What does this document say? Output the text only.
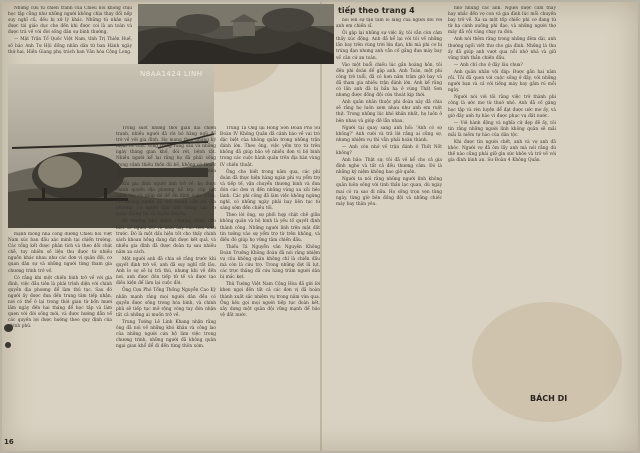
Những cựu tù chiến tranh của Chiêu hồi không chịu học tập cũng như những người không chịu thay đổi nếp suy nghĩ cũ, đều bị xử lý khác. Những tù nhân này được tái giáo dục cho đến khi được coi là an toàn và được trả về với đời sống dân sự bình thường.

— Mặt Trận Tổ Quốc Việt Nam, tỉnh Trị Thiên Huế, số báo Anh Tư Hội đồng nhân dân từ ban Hành ngày thứ hai, Hiền Giang phụ trách ban Văn hóa Cộng Long.

N8AA1424 LINH

mạnh mồng nhà công đường Chiêu hồi Việt Nam xúc ban đầu xác minh tại chiến trường. Các tổng kết được phân tích và theo dõi chặt chẽ, tuy nhiên số liệu thu được từ nhiều nguồn khác nhau như các đơn vị quân đội, cơ quan dân sự và những người từng tham gia chương trình trở về.

Có rằng khi một chiến binh trở về với gia đình, việc đầu tiên là phải trình diện với chính quyền địa phương để làm thủ tục. Sau đó người ấy được đưa đến trung tâm tiếp nhận, nơi có thể ở lại trong thời gian từ bốn mươi lăm ngày đến hai tháng để học tập và làm quen với đời sống mới, và được hướng dẫn về các quyền lợi được hưởng theo quy định của chính phủ.

Trong suốt những thời gian dài chiến tranh, nhiều người đã rời bỏ hàng ngũ để trở về với gia đình. Họ mang theo những kỷ niệm về cuộc sống trong rừng sâu và những ngày tháng gian khổ, đói rét, bệnh tật. Nhiều người kể lại rằng họ đã phải sống trong cảnh thiếu thốn đủ bề, không có thuốc men và lương thực đầy đủ cho suốt cả mùa mưa.

Khi gia đình người lính trở về, họ được chính quyền địa phương hỗ trợ, cấp đất canh tác và giúp đỡ để ổn định cuộc sống. Có những người đã trở thành cán bộ địa phương, có người làm việc trong các cơ quan thông tin và tuyên truyền.

Bộ trưởng phụ trách chương trình cho biết số người trở về năm nay cao hơn năm trước. Đó là một dấu hiệu tốt cho thấy chính sách khoan hồng đang đạt được kết quả, và nhiều gia đình đã được đoàn tụ sau nhiều năm xa cách.

Một người anh đã chia sẻ rằng trước khi quyết định trở về, anh đã suy nghĩ rất lâu. Anh lo sợ sẽ bị trả thù, nhưng khi về đến nơi, anh được đón tiếp tử tế và được tạo điều kiện để làm lại cuộc đời.

Ông Cựu Phó Tổng Thống Nguyễn Cao Kỳ nhấn mạnh rằng mọi người dân đều có quyền được sống trong hòa bình, và chính phủ sẽ tiếp tục mở rộng vòng tay đón nhận tất cả những ai muốn trở về.

Trung Tướng Lê Linh Khang nhận rằng ông đã nói về những khó khăn và công lao của những người cán bộ làm việc trong chương trình, những người đã không quản ngại gian khổ để đi đến từng thôn xóm.

Trung Tá Ông lại Hồng Sơn Đoàn Phó Sư Đoàn IV Không Quân đã cảnh báo về vai trò đặc biệt của không quân trong những trận đánh lớn. Theo ông, việc yểm trợ từ trên không đã giúp bảo vệ nhiều đơn vị bộ binh trong các cuộc hành quân trên địa bàn vùng IV chiến thuật.

Ông cho biết trong năm qua, các phi đoàn đã thực hiện hàng ngàn phi vụ yểm trợ và tiếp tế, vận chuyển thương binh và đưa đón các đơn vị đến những vùng xa xôi hẻo lánh. Các phi công đã làm việc không ngừng nghỉ, có những ngày phải bay liên tục từ sáng sớm đến chiều tối.

Theo lời ông, sự phối hợp chặt chẽ giữa không quân và bộ binh là yếu tố quyết định thành công. Những người lính trên mặt đất tin tưởng vào sự yểm trợ từ trên không, và điều đó giúp họ vững tâm chiến đấu.

Thiếu Tá Nguyễn văn Nguyên Không Đoàn Trưởng Không đoàn đã nói rằng nhiệm vụ của không quân không chỉ là chiến đấu mà còn là cứu trợ. Trong những đợt lũ lụt, các trực thăng đã cứu hàng trăm người dân bị mắc kẹt.

Thủ Tướng Việt Nam Cộng Hòa đã gửi lời khen ngợi đến tất cả các đơn vị đã hoàn thành xuất sắc nhiệm vụ trong năm vừa qua. Ông kêu gọi mọi người tiếp tục đoàn kết, xây dựng một quân đội vững mạnh để bảo vệ đất nước.

tiếp theo trang 4

nói lên sự tận tâm lo lắng của người đối với anh em chiến sĩ.

Ôi gặp lại những sự việc ấy, tôi vẫn còn cảm thấy xúc động. Anh đã kể lại với tôi về những lần bay trên vùng trời lửa đạn, khi mà phi cơ bị trúng đạn nhưng anh vẫn cố gắng đưa máy bay về căn cứ an toàn.

Vào một buổi chiều lúc gần hoàng hôn, tôi đến phi đoàn để gặp anh. Anh Toàn, một phi công trẻ tuổi, đã có hơn năm trăm giờ bay và đã tham gia nhiều trận đánh lớn. Anh kể rằng có lần anh đã bị bắn hạ ở vùng Thất Sơn nhưng được đồng đội cứu thoát kịp thời.

Anh quân nhân thuộc phi đoàn này đã chia sẻ rằng họ luôn xem nhau như anh em ruột thịt. Trong những lúc khó khăn nhất, họ luôn ở bên nhau và giúp đỡ lẫn nhau.

Người tại quay sang anh hỏi: 'Anh có sợ không?' Anh cười và trả lời rằng ai cũng sợ, nhưng nhiệm vụ thì vẫn phải hoàn thành.

— Anh còn nhớ về trận đánh ở Thốt Nốt không?

Anh bảo: Thật sự, tôi đã về kể cho cả gia đình nghe và tất cả đều thương cảm. Đó là những kỷ niệm không bao giờ quên.

Người ta nói rằng những người lính không quân luôn sống với tinh thần lạc quan, dù ngày mai có ra sao đi nữa. Họ sống trọn vẹn từng ngày, từng giờ bên đồng đội và những chiếc máy bay thân yêu.

nhớ nhung các anh. Người được cảm thấy hay nhắc đến vợ con và gia đình lúc mỗi chuyến bay trở về. Xa xa một tốp chiếc phi cơ đang từ từ hạ cánh xuống phi đạo, và những người thợ máy đã vội vàng chạy ra đón.

Anh nói thêm rằng trong những đêm dài, anh thường ngồi viết thư cho gia đình. Những lá thư ấy đã giúp anh vượt qua nỗi nhớ nhà và giữ vững tinh thần chiến đấu.

— Anh chỉ cho ở đây lâu chưa?

Anh quân nhân vội đáp: Được gần hai năm rồi. Tôi đã quen với cuộc sống ở đây, với những người bạn và cả với tiếng máy bay gầm rú mỗi ngày.

Người nói với tôi rằng việc trở thành phi công là ước mơ từ thuở nhỏ. Anh đã cố gắng học tập và rèn luyện để đạt được ước mơ ấy, và giờ đây anh tự hào vì được phục vụ đất nước.

— Với hành động và nghĩa cử đẹp đẽ ấy, tôi tin rằng những người lính không quân sẽ mãi mãi là niềm tự hào của dân tộc.

Khi được tin người chết, anh và vợ anh đã khóc. Người vợ đã ôm lấy anh mà nói rằng dù thế nào cũng phải giữ gìn sức khỏe và trở về với gia đình bình an. Sư Đoàn 4 Không Quân.

BÁCH DI
16
